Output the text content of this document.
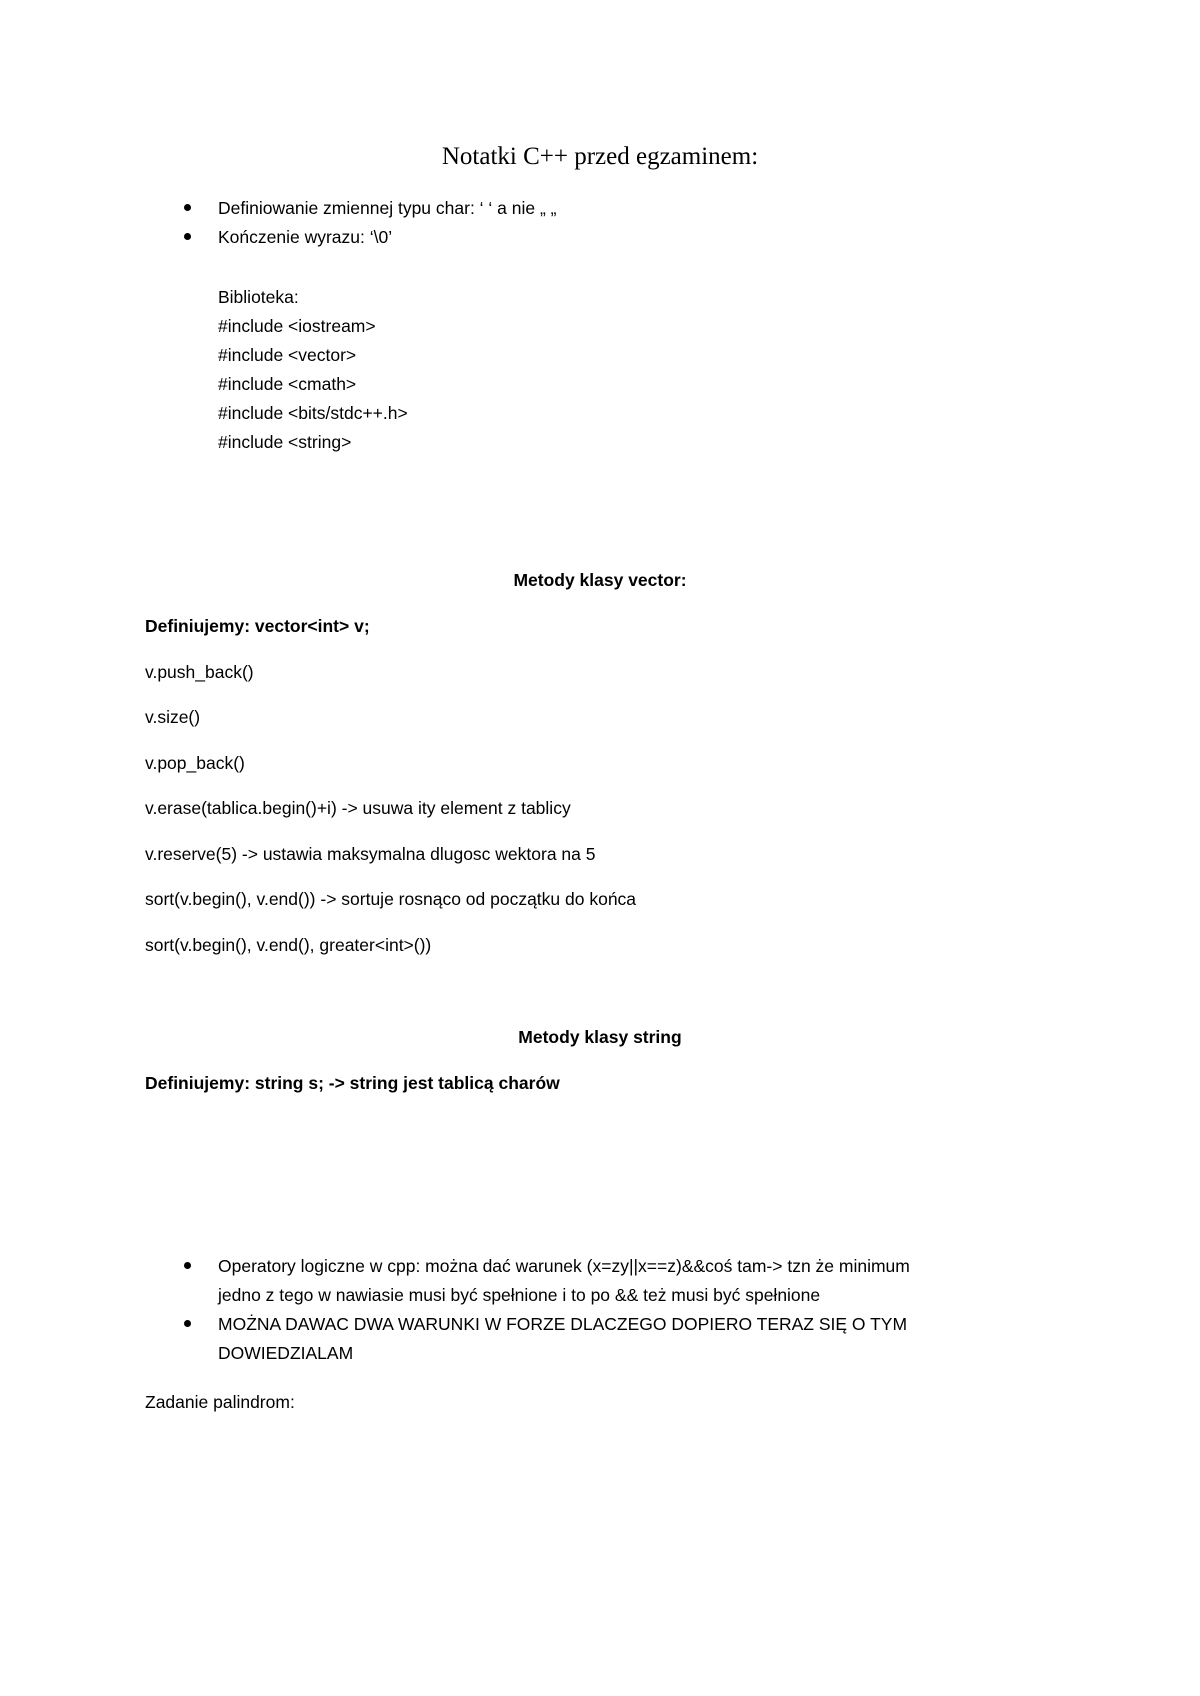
Notatki C++ przed egzaminem:
Definiowanie zmiennej typu char: ‘ ‘ a nie „ „
Kończenie wyrazu: ‘\0’
Biblioteka:
#include <iostream>
#include <vector>
#include <cmath>
#include <bits/stdc++.h>
#include <string>
Metody klasy vector:
Definiujemy: vector<int> v;
v.push_back()
v.size()
v.pop_back()
v.erase(tablica.begin()+i) -> usuwa ity element z tablicy
v.reserve(5) -> ustawia maksymalna dlugosc wektora na 5
sort(v.begin(), v.end()) -> sortuje rosnąco od początku do końca
sort(v.begin(), v.end(), greater<int>())
Metody klasy string
Definiujemy: string s; -> string jest tablicą charów
Operatory logiczne w cpp: można dać warunek (x=zy||x==z)&&coś tam-> tzn że minimum
jedno z tego w nawiasie musi być spełnione i to po && też musi być spełnione
MOŻNA DAWAC DWA WARUNKI W FORZE DLACZEGO DOPIERO TERAZ SIĘ O TYM
DOWIEDZIALAM
Zadanie palindrom:
